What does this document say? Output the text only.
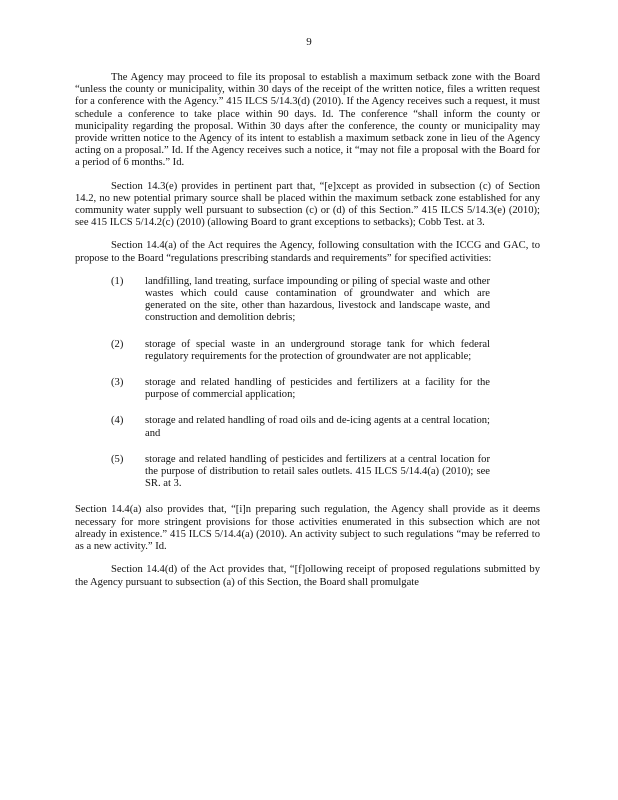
9

The Agency may proceed to file its proposal to establish a maximum setback zone with the Board “unless the county or municipality, within 30 days of the receipt of the written notice, files a written request for a conference with the Agency.” 415 ILCS 5/14.3(d) (2010). If the Agency receives such a request, it must schedule a conference to take place within 90 days. Id. The conference “shall inform the county or municipality regarding the proposal. Within 30 days after the conference, the county or municipality may provide written notice to the Agency of its intent to establish a maximum setback zone in lieu of the Agency acting on a proposal.” Id. If the Agency receives such a notice, it “may not file a proposal with the Board for a period of 6 months.” Id.

Section 14.3(e) provides in pertinent part that, “[e]xcept as provided in subsection (c) of Section 14.2, no new potential primary source shall be placed within the maximum setback zone established for any community water supply well pursuant to subsection (c) or (d) of this Section.” 415 ILCS 5/14.3(e) (2010); see 415 ILCS 5/14.2(c) (2010) (allowing Board to grant exceptions to setbacks); Cobb Test. at 3.

Section 14.4(a) of the Act requires the Agency, following consultation with the ICCG and GAC, to propose to the Board “regulations prescribing standards and requirements” for specified activities:

(1) landfilling, land treating, surface impounding or piling of special waste and other wastes which could cause contamination of groundwater and which are generated on the site, other than hazardous, livestock and landscape waste, and construction and demolition debris;
(2) storage of special waste in an underground storage tank for which federal regulatory requirements for the protection of groundwater are not applicable;
(3) storage and related handling of pesticides and fertilizers at a facility for the purpose of commercial application;
(4) storage and related handling of road oils and de-icing agents at a central location; and
(5) storage and related handling of pesticides and fertilizers at a central location for the purpose of distribution to retail sales outlets. 415 ILCS 5/14.4(a) (2010); see SR. at 3.

Section 14.4(a) also provides that, “[i]n preparing such regulation, the Agency shall provide as it deems necessary for more stringent provisions for those activities enumerated in this subsection which are not already in existence.” 415 ILCS 5/14.4(a) (2010). An activity subject to such regulations “may be referred to as a new activity.” Id.

Section 14.4(d) of the Act provides that, “[f]ollowing receipt of proposed regulations submitted by the Agency pursuant to subsection (a) of this Section, the Board shall promulgate
